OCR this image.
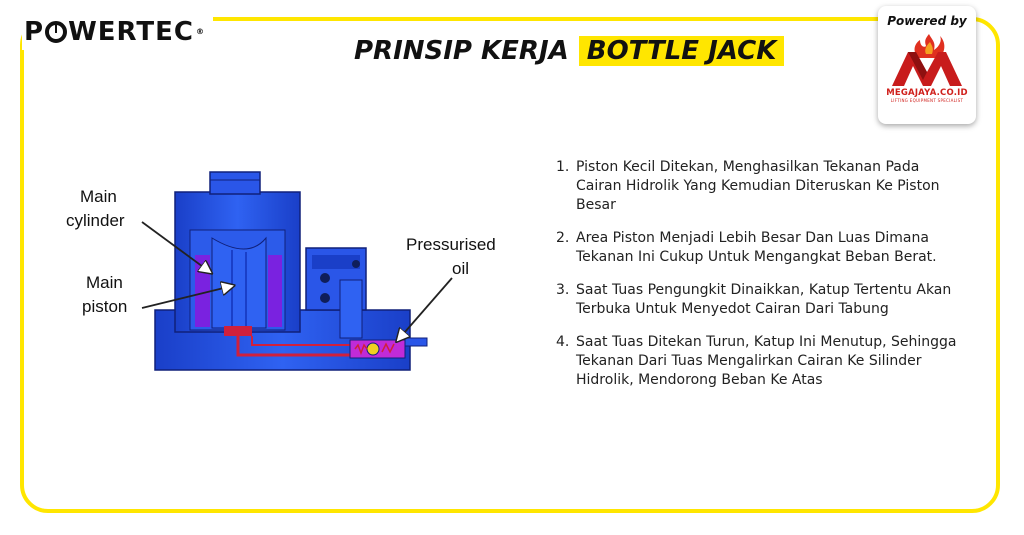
P WERTEC ®
PRINSIP KERJA BOTTLE JACK
Powered by
MEGAJAYA.CO.ID
LIFTING EQUIPMENT SPECIALIST
Main
cylinder
Main
piston
Pressurised
oil
1. Piston Kecil Ditekan, Menghasilkan Tekanan Pada Cairan Hidrolik Yang Kemudian Diteruskan Ke Piston Besar
2. Area Piston Menjadi Lebih Besar Dan Luas Dimana Tekanan Ini Cukup Untuk Mengangkat Beban Berat.
3. Saat Tuas Pengungkit Dinaikkan, Katup Tertentu Akan Terbuka Untuk Menyedot Cairan Dari Tabung
4. Saat Tuas Ditekan Turun, Katup Ini Menutup, Sehingga Tekanan Dari Tuas Mengalirkan Cairan Ke Silinder Hidrolik, Mendorong Beban Ke Atas
